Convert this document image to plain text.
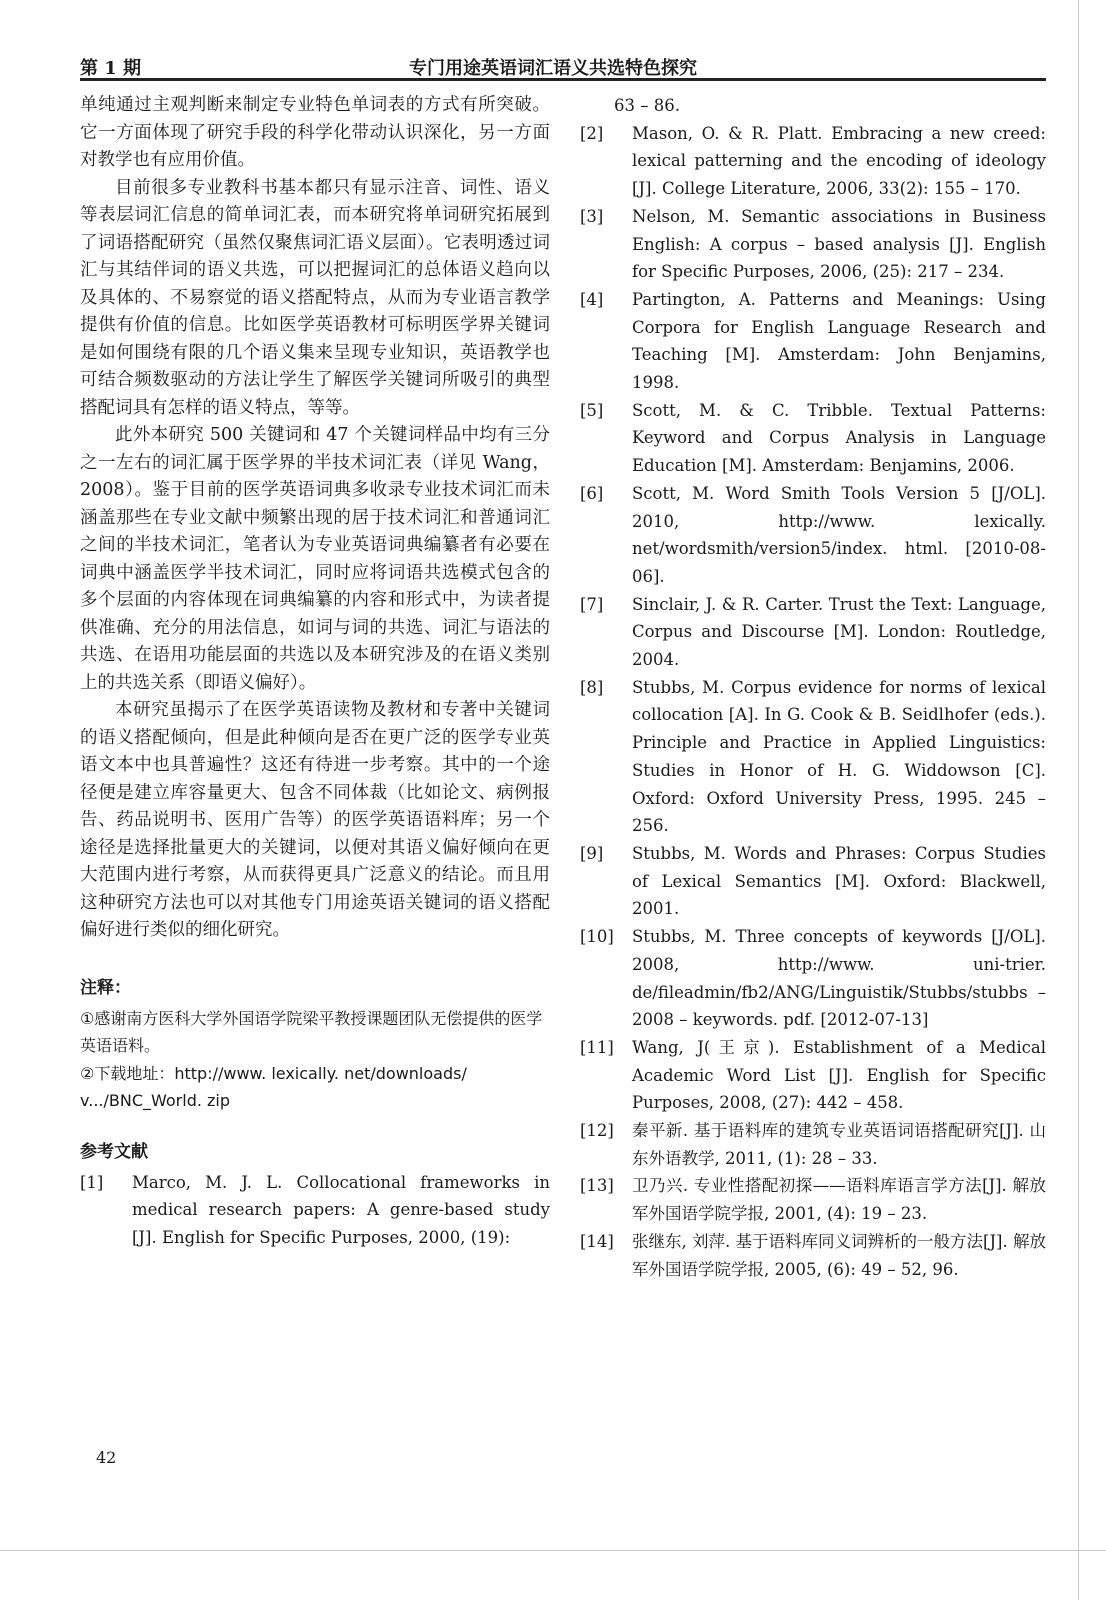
第 1 期	专门用途英语词汇语义共选特色探究

单纯通过主观判断来制定专业特色单词表的方式有所突破。它一方面体现了研究手段的科学化带动认识深化，另一方面对教学也有应用价值。

目前很多专业教科书基本都只有显示注音、词性、语义等表层词汇信息的简单词汇表，而本研究将单词研究拓展到了词语搭配研究（虽然仅聚焦词汇语义层面）。它表明透过词汇与其结伴词的语义共选，可以把握词汇的总体语义趋向以及具体的、不易察觉的语义搭配特点，从而为专业语言教学提供有价值的信息。比如医学英语教材可标明医学界关键词是如何围绕有限的几个语义集来呈现专业知识，英语教学也可结合频数驱动的方法让学生了解医学关键词所吸引的典型搭配词具有怎样的语义特点，等等。

此外本研究 500 关键词和 47 个关键词样品中均有三分之一左右的词汇属于医学界的半技术词汇表（详见 Wang，2008）。鉴于目前的医学英语词典多收录专业技术词汇而未涵盖那些在专业文献中频繁出现的居于技术词汇和普通词汇之间的半技术词汇，笔者认为专业英语词典编纂者有必要在词典中涵盖医学半技术词汇，同时应将词语共选模式包含的多个层面的内容体现在词典编纂的内容和形式中，为读者提供准确、充分的用法信息，如词与词的共选、词汇与语法的共选、在语用功能层面的共选以及本研究涉及的在语义类别上的共选关系（即语义偏好）。

本研究虽揭示了在医学英语读物及教材和专著中关键词的语义搭配倾向，但是此种倾向是否在更广泛的医学专业英语文本中也具普遍性？这还有待进一步考察。其中的一个途径便是建立库容量更大、包含不同体裁（比如论文、病例报告、药品说明书、医用广告等）的医学英语语料库；另一个途径是选择批量更大的关键词，以便对其语义偏好倾向在更大范围内进行考察，从而获得更具广泛意义的结论。而且用这种研究方法也可以对其他专门用途英语关键词的语义搭配偏好进行类似的细化研究。

注释：

①感谢南方医科大学外国语学院梁平教授课题团队无偿提供的医学英语语料。

②下载地址：http://www. lexically. net/downloads/ v.../BNC_World. zip

参考文献
[1]	Marco, M. J. L. Collocational frameworks in medical research papers: A genre-based study [J]. English for Specific Purposes, 2000, (19):

63 – 86.

[2]	Mason, O. & R. Platt. Embracing a new creed: lexical patterning and the encoding of ideology [J]. College Literature, 2006, 33(2): 155 – 170.
[3]	Nelson, M. Semantic associations in Business English: A corpus – based analysis [J]. English for Specific Purposes, 2006, (25): 217 – 234.
[4]	Partington, A. Patterns and Meanings: Using Corpora for English Language Research and Teaching [M]. Amsterdam: John Benjamins, 1998.
[5]	Scott, M. & C. Tribble. Textual Patterns: Keyword and Corpus Analysis in Language Education [M]. Amsterdam: Benjamins, 2006.
[6]	Scott, M. Word Smith Tools Version 5 [J/OL]. 2010, http://www. lexically. net/wordsmith/version5/index. html. [2010-08-06].
[7]	Sinclair, J. & R. Carter. Trust the Text: Language, Corpus and Discourse [M]. London: Routledge, 2004.
[8]	Stubbs, M. Corpus evidence for norms of lexical collocation [A]. In G. Cook & B. Seidlhofer (eds.). Principle and Practice in Applied Linguistics: Studies in Honor of H. G. Widdowson [C]. Oxford: Oxford University Press, 1995. 245 – 256.
[9]	Stubbs, M. Words and Phrases: Corpus Studies of Lexical Semantics [M]. Oxford: Blackwell, 2001.
[10]	Stubbs, M. Three concepts of keywords [J/OL]. 2008, http://www. uni-trier. de/fileadmin/fb2/ANG/Linguistik/Stubbs/stubbs – 2008 – keywords. pdf. [2012-07-13]
[11]	Wang, J(王京). Establishment of a Medical Academic Word List [J]. English for Specific Purposes, 2008, (27): 442 – 458.
[12]	秦平新. 基于语料库的建筑专业英语词语搭配研究[J]. 山东外语教学, 2011, (1): 28 – 33.
[13]	卫乃兴. 专业性搭配初探——语料库语言学方法[J]. 解放军外国语学院学报, 2001, (4): 19 – 23.
[14]	张继东, 刘萍. 基于语料库同义词辨析的一般方法[J]. 解放军外国语学院学报, 2005, (6): 49 – 52, 96.
42
